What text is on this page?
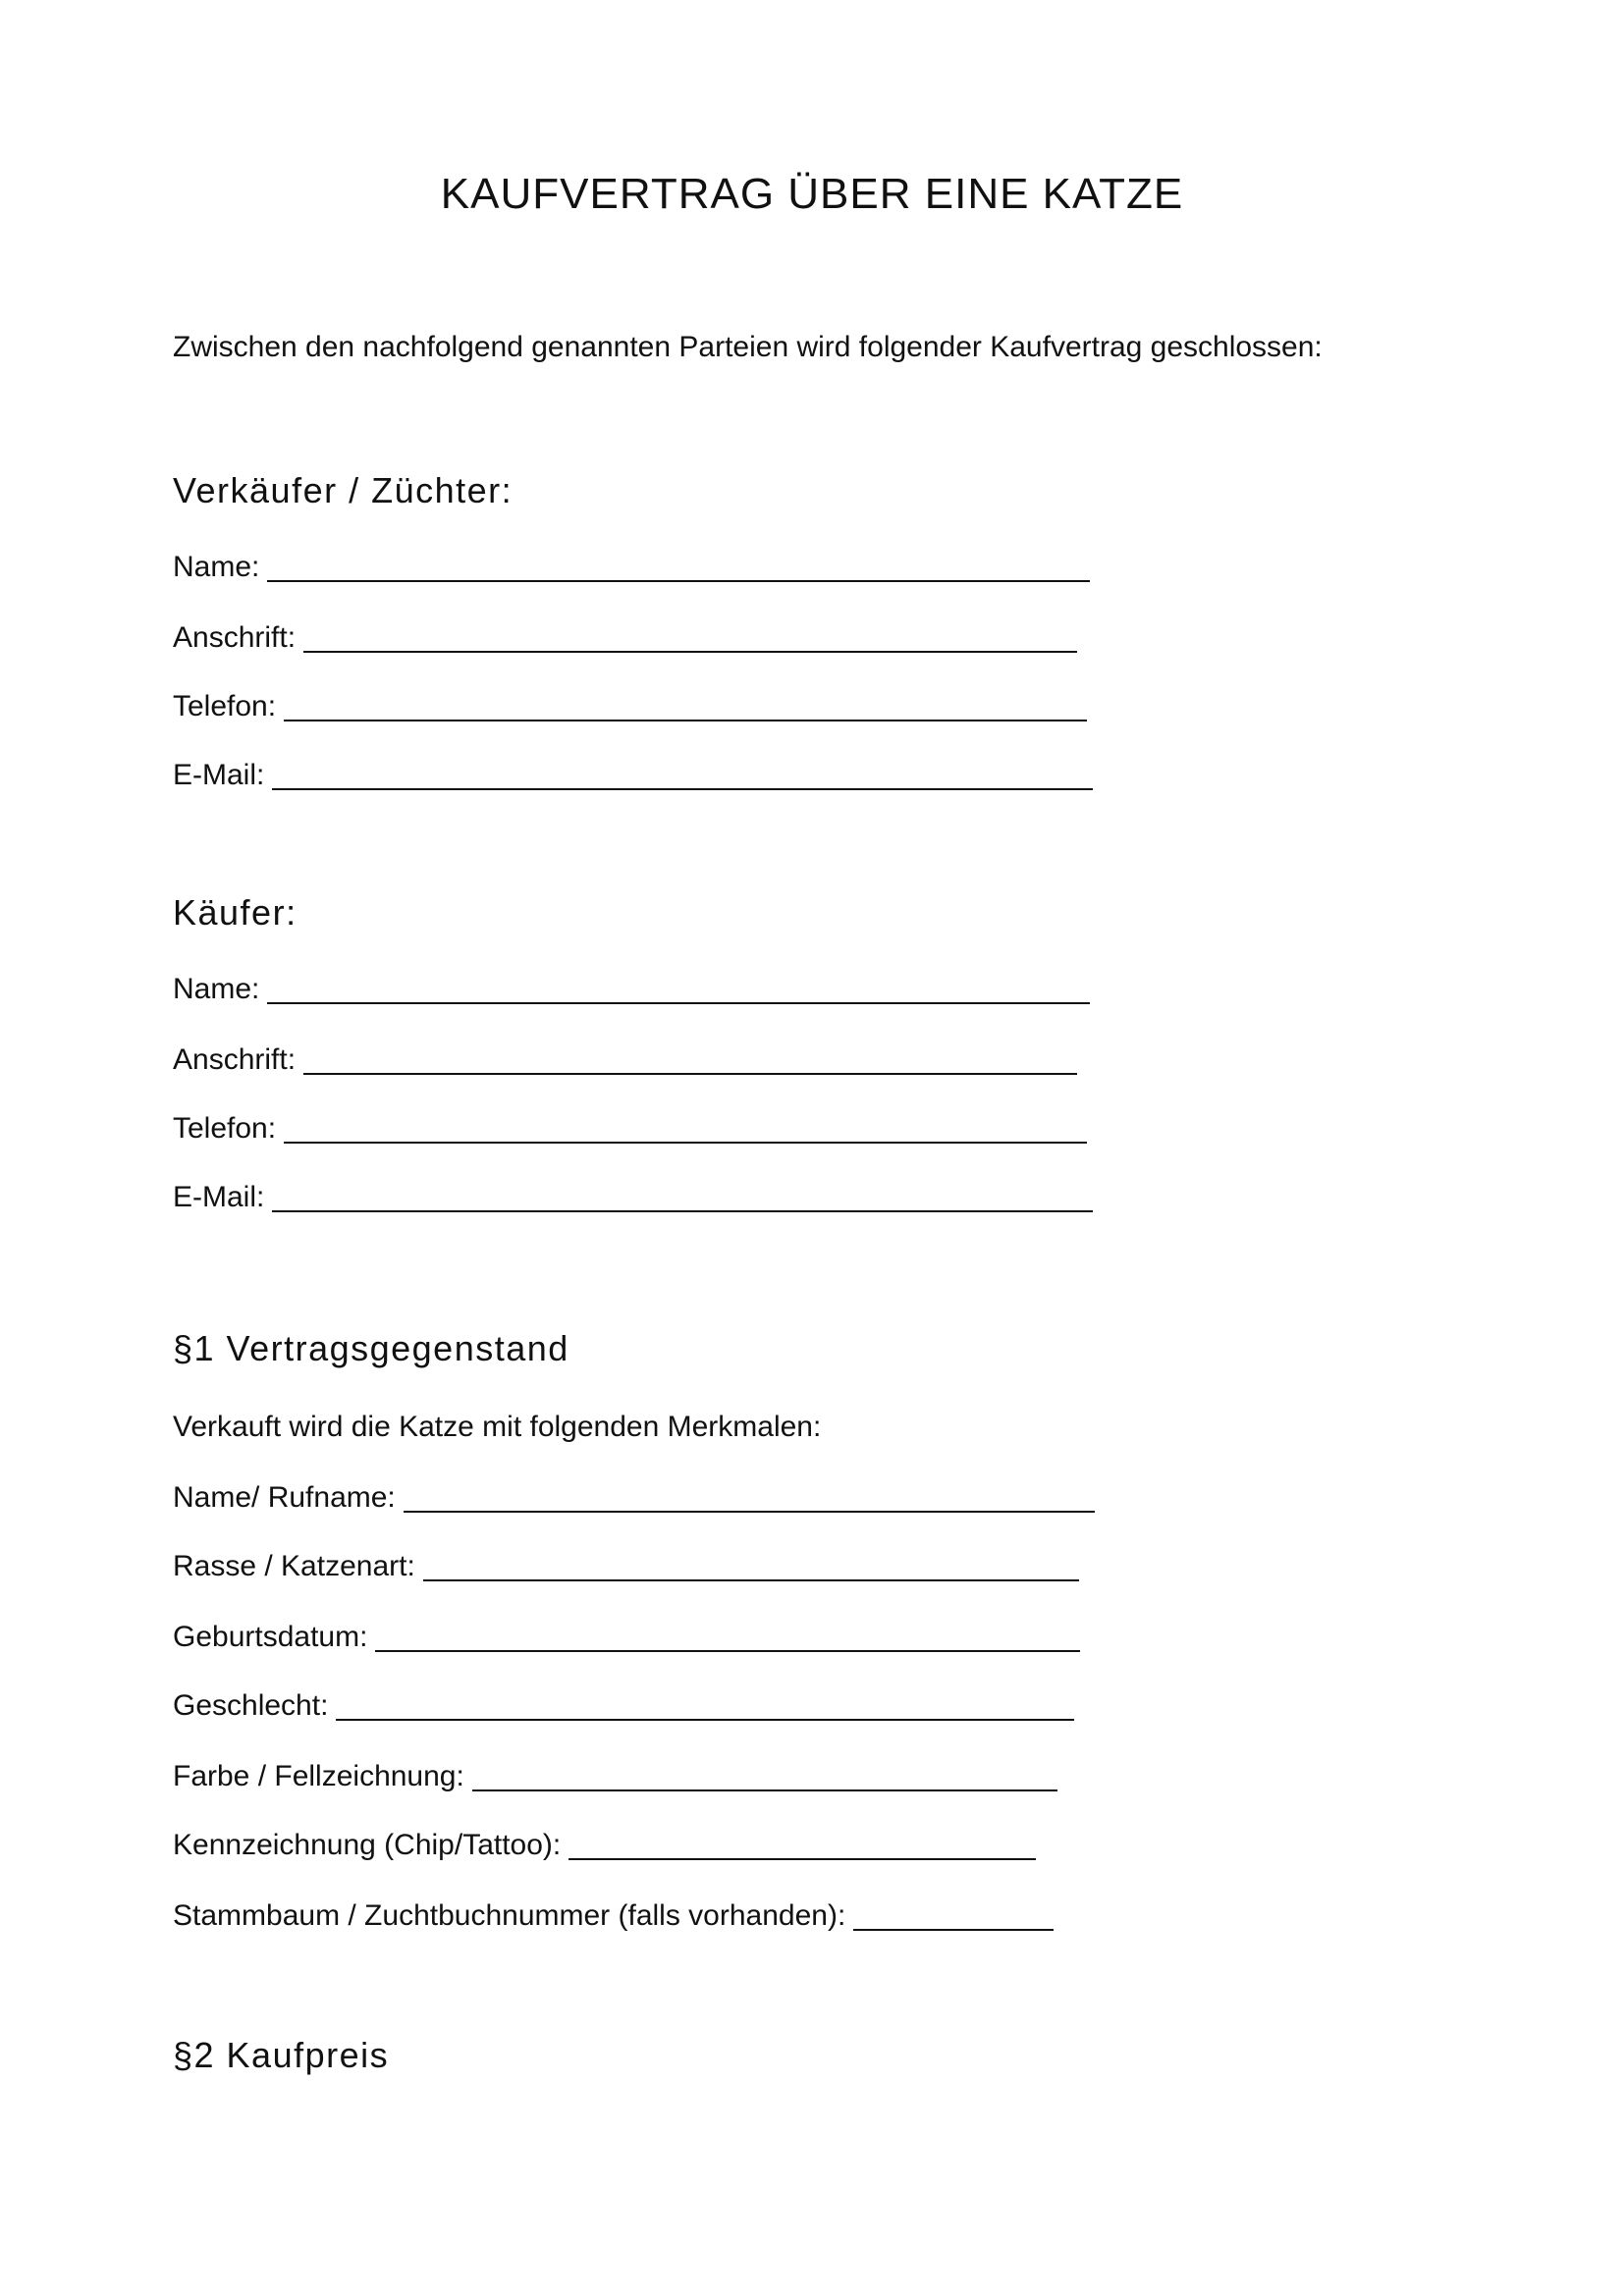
KAUFVERTRAG ÜBER EINE KATZE
Zwischen den nachfolgend genannten Parteien wird folgender Kaufvertrag geschlossen:
Verkäufer / Züchter:
Name:
Anschrift:
Telefon:
E-Mail:
Käufer:
Name:
Anschrift:
Telefon:
E-Mail:
§1 Vertragsgegenstand
Verkauft wird die Katze mit folgenden Merkmalen:
Name/ Rufname:
Rasse / Katzenart:
Geburtsdatum:
Geschlecht:
Farbe / Fellzeichnung:
Kennzeichnung (Chip/Tattoo):
Stammbaum / Zuchtbuchnummer (falls vorhanden):
§2 Kaufpreis
